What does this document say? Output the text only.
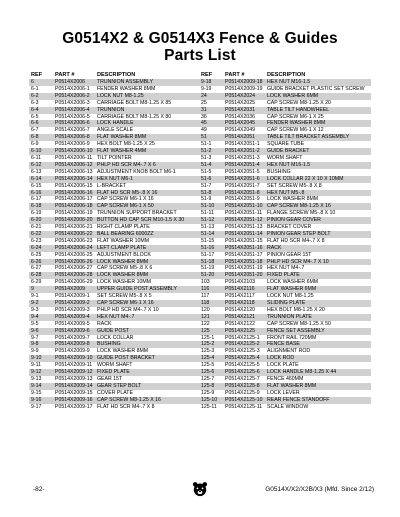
G0514X2 & G0514X3 Fence & Guides
Parts List
REF	PART #	DESCRIPTION
6	P0514X2006	TRUNNION ASSEMBLY
6-1	P0514X2006-1	FENDER WASHER 8MM
6-2	P0514X2006-2	LOCK NUT M8-1.25
6-3	P0514X2006-3	CARRIAGE BOLT M8-1.25 X 85
6-4	P0514X2006-4	TRUNNION
6-5	P0514X2006-5	CARRIAGE BOLT M8-1.25 X 80
6-6	P0514X2006-6	LOCK HANDLE
6-7	P0514X2006-7	ANGLE SCALE
6-8	P0514X2006-8	FLAT WASHER 8MM
6-9	P0514X2006-9	HEX BOLT M8-1.25 X 25
6-10	P0514X2006-10	FLAT WASHER 4MM
6-11	P0514X2006-11	TILT POINTER
6-12	P0514X2006-12	PHLP HD SCR M4-.7 X 6
6-13	P0514X2006-13	ADJUSTMENT KNOB BOLT M6-1
6-14	P0514X2006-14	HEX NUT M6-1
6-15	P0514X2006-15	L-BRACKET
6-16	P0514X2006-16	FLAT HD SCR M5-.8 X 16
6-17	P0514X2006-17	CAP SCREW M6-1 X 16
6-18	P0514X2006-18	CAP SCREW M6-1 X 50
6-19	P0514X2006-19	TRUNNION SUPPORT BRACKET
6-20	P0514X2006-20	BUTTON HD CAP SCR M10-1.5 X 30
6-21	P0514X2006-21	RIGHT CLAMP PLATE
6-22	P0514X2006-22	BALL BEARING 6000ZZ
6-23	P0514X2006-23	FLAT WASHER 10MM
6-24	P0514X2006-24	LEFT CLAMP PLATE
6-25	P0514X2006-25	ADJUSTMENT BLOCK
6-26	P0514X2006-26	LOCK WASHER 8MM
6-27	P0514X2006-27	CAP SCREW M5-.8 X 6
6-28	P0514X2006-28	LOCK WASHER 8MM
6-29	P0514X2006-29	LOCK WASHER 10MM
9	P0514X2009	UPPER GUIDE POST ASSEMBLY
9-1	P0514X2009-1	SET SCREW M5-.8 X 5
9-2	P0514X2009-2	CAP SCREW M6-1 X 16
9-3	P0514X2009-3	PHLP HD SCR M4-.7 X 10
9-4	P0514X2009-4	HEX NUT M4-.7
9-5	P0514X2009-5	RACK
9-6	P0514X2009-6	GUIDE POST
9-7	P0514X2009-7	LOCK COLLAR
9-8	P0514X2009-8	BUSHING
9-9	P0514X2009-9	LOCK WASHER 8MM
9-10	P0514X2009-10	GUIDE POST BRACKET
9-11	P0514X2009-11	WORM SHAFT
9-12	P0514X2009-12	FIXED PLATE
9-13	P0514X2009-13	GEAR 15T
9-14	P0514X2009-14	GEAR STEP BOLT
9-15	P0514X2009-15	COVER PLATE
9-16	P0514X2009-16	CAP SCREW M8-1.25 X 16
9-17	P0514X2009-17	FLAT HD SCR M4-.7 X 8
REF	PART #	DESCRIPTION
9-18	P0514X2009-18	HEX NUT M16-1.5
9-19	P0514X2009-19	GUIDE BRACKET PLASTIC SET SCREW
24	P0514X2024	LOCK WASHER 6MM
25	P0514X2025	CAP SCREW M8-1.25 X 20
31	P0514X2031	TABLE TILT HANDWHEEL
36	P0514X2036	CAP SCREW M6-1 X 25
45	P0514X2045	FENDER WASHER 8MM
49	P0514X2049	CAP SCREW M6-1 X 12
51	P0514X2051	TABLE TILT BRACKET ASSEMBLY
51-1	P0514X2051-1	SQUARE TUBE
51-2	P0514X2051-2	GUIDE BRACKET
51-3	P0514X2051-3	WORM SHAFT
51-4	P0514X2051-4	HEX NUT M16-1.5
51-5	P0514X2051-5	BUSHING
51-6	P0514X2051-6	LOCK COLLAR 22 X 10 X 10MM
51-7	P0514X2051-7	SET SCREW M5-.8 X 8
51-8	P0514X2051-8	HEX NUT M5-.8
51-9	P0514X2051-9	LOCK WASHER 8MM
51-10	P0514X2051-10	CAP SCREW M8-1.25 X 16
51-11	P0514X2051-11	FLANGE SCREW M5-.8 X 10
51-12	P0514X2051-12	PINION GEAR COVER
51-13	P0514X2051-13	BRACKET COVER
51-14	P0514X2051-14	PINION GEAR STEP BOLT
51-15	P0514X2051-15	FLAT HD SCR M4-.7 X 8
51-16	P0514X2051-16	RACK
51-17	P0514X2051-17	PINION GEAR 15T
51-18	P0514X2051-18	PHLP HD SCR M4-.7 X 10
51-19	P0514X2051-19	HEX NUT M4-.7
51-20	P0514X2051-20	FIXED PLATE
103	P0514X2103	LOCK WASHER 6MM
116	P0514X2116	FLAT WASHER 6MM
117	P0514X2117	LOCK NUT M8-1.25
118	P0514X2118	SLIDING PLATE
120	P0514X2120	HEX BOLT M8-1.25 X 20
121	P0514X2121	TRUNNION PLATE
122	P0514X2122	CAP SCREW M8-1.25 X 50
125	P0514X2125	FENCE SET ASSEMBLY
125-1	P0514X2125-1	FRONT RAIL 720MM
125-2	P0514X2125-2	FENCE BASE
125-3	P0514X2125-3	ALIGNMENT ROD
125-4	P0514X2125-4	LOCK ROD
125-5	P0514X2125-5	LOCK PLATE
125-6	P0514X2125-6	LOCK HANDLE M8-1.25 X 44
125-7	P0514X2125-7	FENCE 460MM
125-8	P0514X2125-8	FLAT WASHER 8MM
125-9	P0514X2125-9	LOCK LEVER
125-10	P0514X2125-10	REAR FENCE STANDOFF
125-11	P0514X2125-11	SCALE WINDOW
-82-	G0514X/X2/X2B/X3 (Mfd. Since 2/12)
